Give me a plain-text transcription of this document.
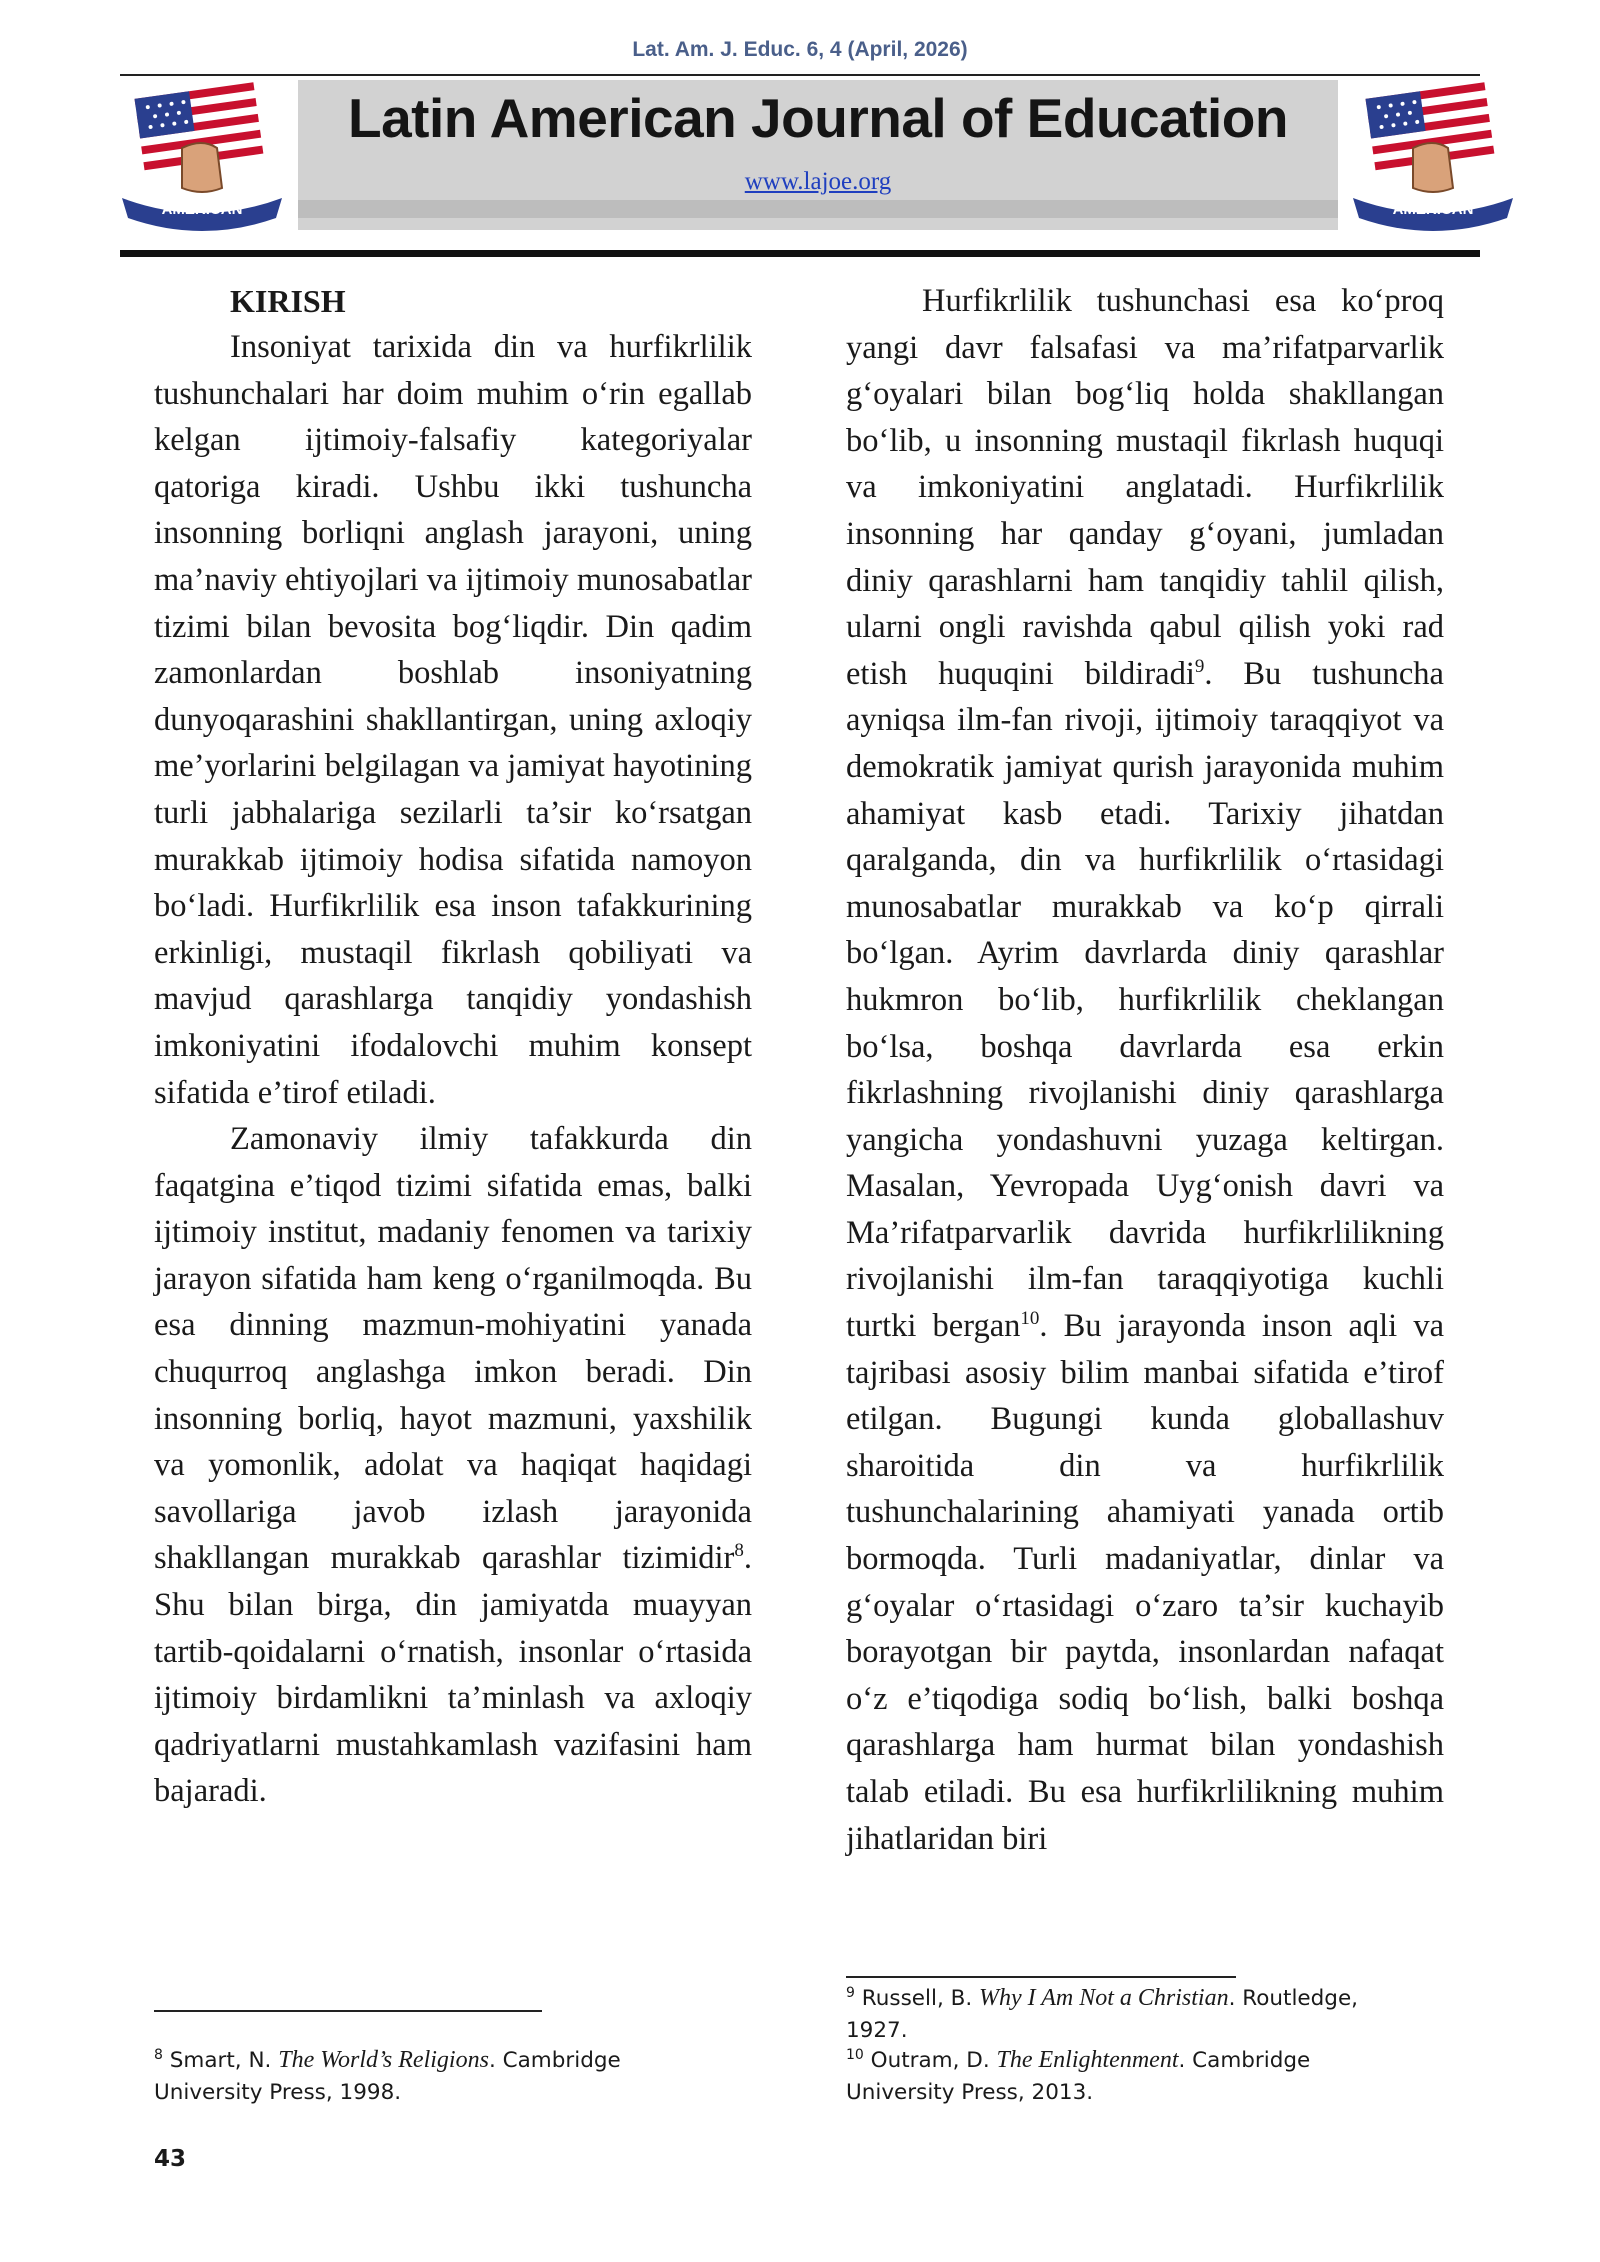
Lat. Am. J. Educ. 6, 4 (April, 2026)
AMERICAN
Latin American Journal of Education
www.lajoe.org
AMERICAN
KIRISH

Insoniyat tarixida din va hurfikrlilik tushunchalari har doim muhim o‘rin egallab kelgan ijtimoiy-falsafiy kategoriyalar qatoriga kiradi. Ushbu ikki tushuncha insonning borliqni anglash jarayoni, uning ma’naviy ehtiyojlari va ijtimoiy munosabatlar tizimi bilan bevosita bog‘liqdir. Din qadim zamonlardan boshlab insoniyatning dunyoqarashini shakllantirgan, uning axloqiy me’yorlarini belgilagan va jamiyat hayotining turli jabhalariga sezilarli ta’sir ko‘rsatgan murakkab ijtimoiy hodisa sifatida namoyon bo‘ladi. Hurfikrlilik esa inson tafakkurining erkinligi, mustaqil fikrlash qobiliyati va mavjud qarashlarga tanqidiy yondashish imkoniyatini ifodalovchi muhim konsept sifatida e’tirof etiladi.

Zamonaviy ilmiy tafakkurda din faqatgina e’tiqod tizimi sifatida emas, balki ijtimoiy institut, madaniy fenomen va tarixiy jarayon sifatida ham keng o‘rganilmoqda. Bu esa dinning mazmun-mohiyatini yanada chuqurroq anglashga imkon beradi. Din insonning borliq, hayot mazmuni, yaxshilik va yomonlik, adolat va haqiqat haqidagi savollariga javob izlash jarayonida shakllangan murakkab qarashlar tizimidir$^8$. Shu bilan birga, din jamiyatda muayyan tartib-qoidalarni o‘rnatish, insonlar o‘rtasida ijtimoiy birdamlikni ta’minlash va axloqiy qadriyatlarni mustahkamlash vazifasini ham bajaradi.

Hurfikrlilik tushunchasi esa ko‘proq yangi davr falsafasi va ma’rifatparvarlik g‘oyalari bilan bog‘liq holda shakllangan bo‘lib, u insonning mustaqil fikrlash huquqi va imkoniyatini anglatadi. Hurfikrlilik insonning har qanday g‘oyani, jumladan diniy qarashlarni ham tanqidiy tahlil qilish, ularni ongli ravishda qabul qilish yoki rad etish huquqini bildiradi$^9$. Bu tushuncha ayniqsa ilm-fan rivoji, ijtimoiy taraqqiyot va demokratik jamiyat qurish jarayonida muhim ahamiyat kasb etadi. Tarixiy jihatdan qaralganda, din va hurfikrlilik o‘rtasidagi munosabatlar murakkab va ko‘p qirrali bo‘lgan. Ayrim davrlarda diniy qarashlar hukmron bo‘lib, hurfikrlilik cheklangan bo‘lsa, boshqa davrlarda esa erkin fikrlashning rivojlanishi diniy qarashlarga yangicha yondashuvni yuzaga keltirgan. Masalan, Yevropada Uyg‘onish davri va Ma’rifatparvarlik davrida hurfikrlilikning rivojlanishi ilm-fan taraqqiyotiga kuchli turtki bergan$^{10}$. Bu jarayonda inson aqli va tajribasi asosiy bilim manbai sifatida e’tirof etilgan. Bugungi kunda globallashuv sharoitida din va hurfikrlilik tushunchalarining ahamiyati yanada ortib bormoqda. Turli madaniyatlar, dinlar va g‘oyalar o‘rtasidagi o‘zaro ta’sir kuchayib borayotgan bir paytda, insonlardan nafaqat o‘z e’tiqodiga sodiq bo‘lish, balki boshqa qarashlarga ham hurmat bilan yondashish talab etiladi. Bu esa hurfikrlilikning muhim jihatlaridan biri

$^8$ Smart, N. The World’s Religions. Cambridge University Press, 1998.
$^9$ Russell, B. Why I Am Not a Christian. Routledge, 1927.
$^{10}$ Outram, D. The Enlightenment. Cambridge University Press, 2013.
43
